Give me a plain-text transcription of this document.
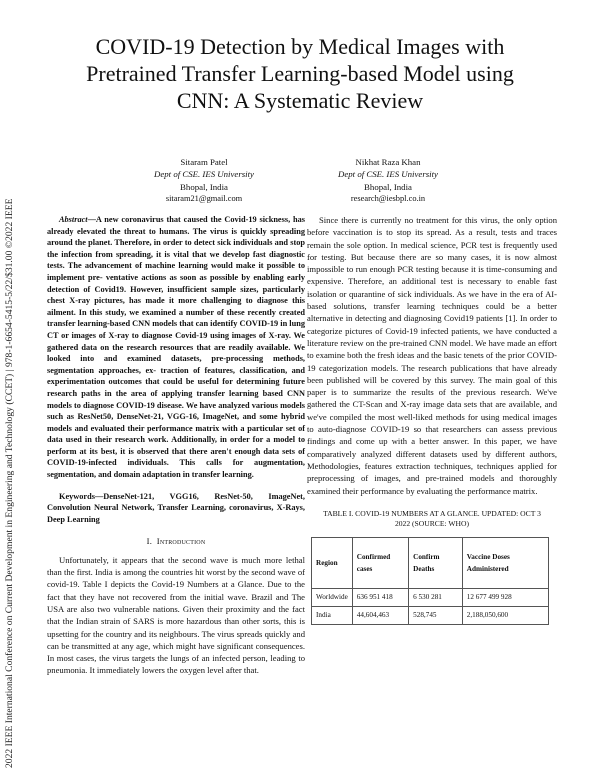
2022 IEEE International Conference on Current Development in Engineering and Technology (CCET) | 978-1-6654-5415-5/22/$31.00 ©2022 IEEE
COVID-19 Detection by Medical Images with Pretrained Transfer Learning-based Model using CNN: A Systematic Review
Sitaram Patel
Dept of CSE. IES University
Bhopal, India
sitaram21@gmail.com
Nikhat Raza Khan
Dept of CSE. IES University
Bhopal, India
research@iesbpl.co.in

Abstract—A new coronavirus that caused the Covid-19 sickness, has already elevated the threat to humans. The virus is quickly spreading around the planet. Therefore, in order to detect sick individuals and stop the infection from spreading, it is vital that we develop fast diagnostic tests. The advancement of machine learning would make it possible to implement pre- ventative actions as soon as possible by enabling early detection of Covid19. However, insufficient sample sizes, particularly chest X-ray pictures, has made it more challenging to diagnose this ailment. In this study, we examined a number of these recently created transfer learning-based CNN models that can identify COVID-19 in lung CT or images of X-ray to diagnose Covid-19 using images of X-ray. We gathered data on the research resources that are readily available. We looked into and examined datasets, pre-processing methods, segmentation approaches, ex- traction of features, classification, and experimentation outcomes that could be useful for determining future research paths in the area of applying transfer learning based CNN models to diagnose COVID-19 disease. We have analyzed various models such as ResNet50, DenseNet-21, VGG-16, ImageNet, and some hybrid models and evaluated their performance matrix with a particular set of data used in their research work. Additionally, in order for a model to perform at its best, it is observed that there aren't enough data sets of COVID-19-infected individuals. This calls for augmentation, segmentation, and domain adaptation in transfer learning.

Keywords—DenseNet-121, VGG16, ResNet-50, ImageNet, Convolution Neural Network, Transfer Learning, coronavirus, X-Rays, Deep Learning

I. Introduction

Unfortunately, it appears that the second wave is much more lethal than the first. India is among the countries hit worst by the second wave of covid-19. Table I depicts the Covid-19 Numbers at a Glance. Due to the fact that they have not recovered from the initial wave. Brazil and The USA are also two vulnerable nations. Given their proximity and the fact that the Indian strain of SARS is more hazardous than other sorts, this is upsetting for the country and its neighbours. The virus spreads quickly and can be transmitted at any age, which might have significant consequences. In most cases, the virus targets the lungs of an infected person, leading to pneumonia. It immediately lowers the oxygen level after that.

Since there is currently no treatment for this virus, the only option before vaccination is to stop its spread. As a result, tests and traces remain the sole option. In medical science, PCR test is frequently used for testing. But because there are so many cases, it is now almost impossible to run enough PCR testing because it is time-consuming and expensive. Therefore, an additional test is necessary to enable fast isolation or quarantine of sick individuals. As we have in the era of AI-based solutions, transfer learning techniques could be a better alternative in detecting and diagnosing Covid19 patients [1]. In order to categorize pictures of Covid-19 infected patients, we have conducted a literature review on the pre-trained CNN model. We have made an effort to examine both the fresh ideas and the basic tenets of the prior COVID-19 categorization models. The research publications that have already been published will be covered by this survey. The main goal of this paper is to summarize the results of the previous research. We've gathered the CT-Scan and X-ray image data sets that are available, and we've compiled the most well-liked methods for using medical images to auto-diagnose COVID-19 so that researchers can assess previous findings and come up with a better answer. In this paper, we have comparatively analyzed different datasets used by different authors, Methodologies, features extraction techniques, techniques applied for preprocessing of images, and pre-trained models and thoroughly examined their performance by evaluating the performance matrix.

TABLE I. COVID-19 NUMBERS AT A GLANCE. UPDATED: OCT 3 2022 (SOURCE: WHO)
Region	Confirmed cases	Confirm Deaths	Vaccine Doses Administered
Worldwide	636 951 418	6 530 281	12 677 499 928
India	44,604,463	528,745	2,188,050,600
